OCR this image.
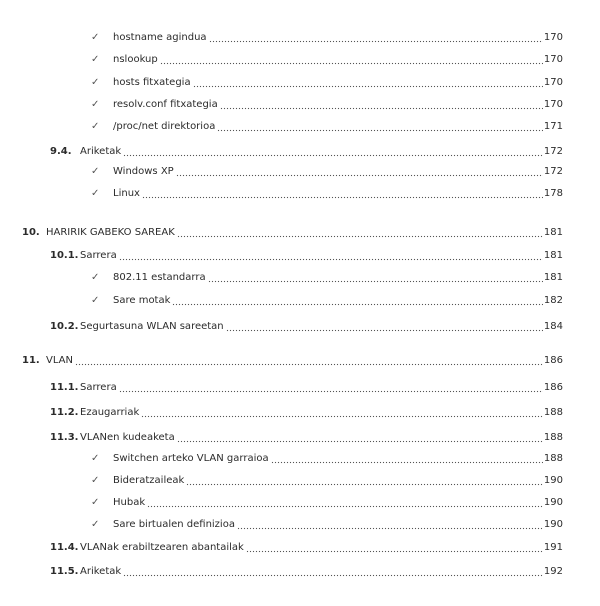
✓ hostname agindua	170
✓ nslookup	170
✓ hosts fitxategia	170
✓ resolv.conf fitxategia	170
✓ /proc/net direktorioa	171
9.4. Ariketak	172
✓ Windows XP	172
✓ Linux	178
10. HARIRIK GABEKO SAREAK	181
10.1. Sarrera	181
✓ 802.11 estandarra	181
✓ Sare motak	182
10.2. Segurtasuna WLAN sareetan	184
11. VLAN	186
11.1. Sarrera	186
11.2. Ezaugarriak	188
11.3. VLANen kudeaketa	188
✓ Switchen arteko VLAN garraioa	188
✓ Bideratzaileak	190
✓ Hubak	190
✓ Sare birtualen definizioa	190
11.4. VLANak erabiltzearen abantailak	191
11.5. Ariketak	192
